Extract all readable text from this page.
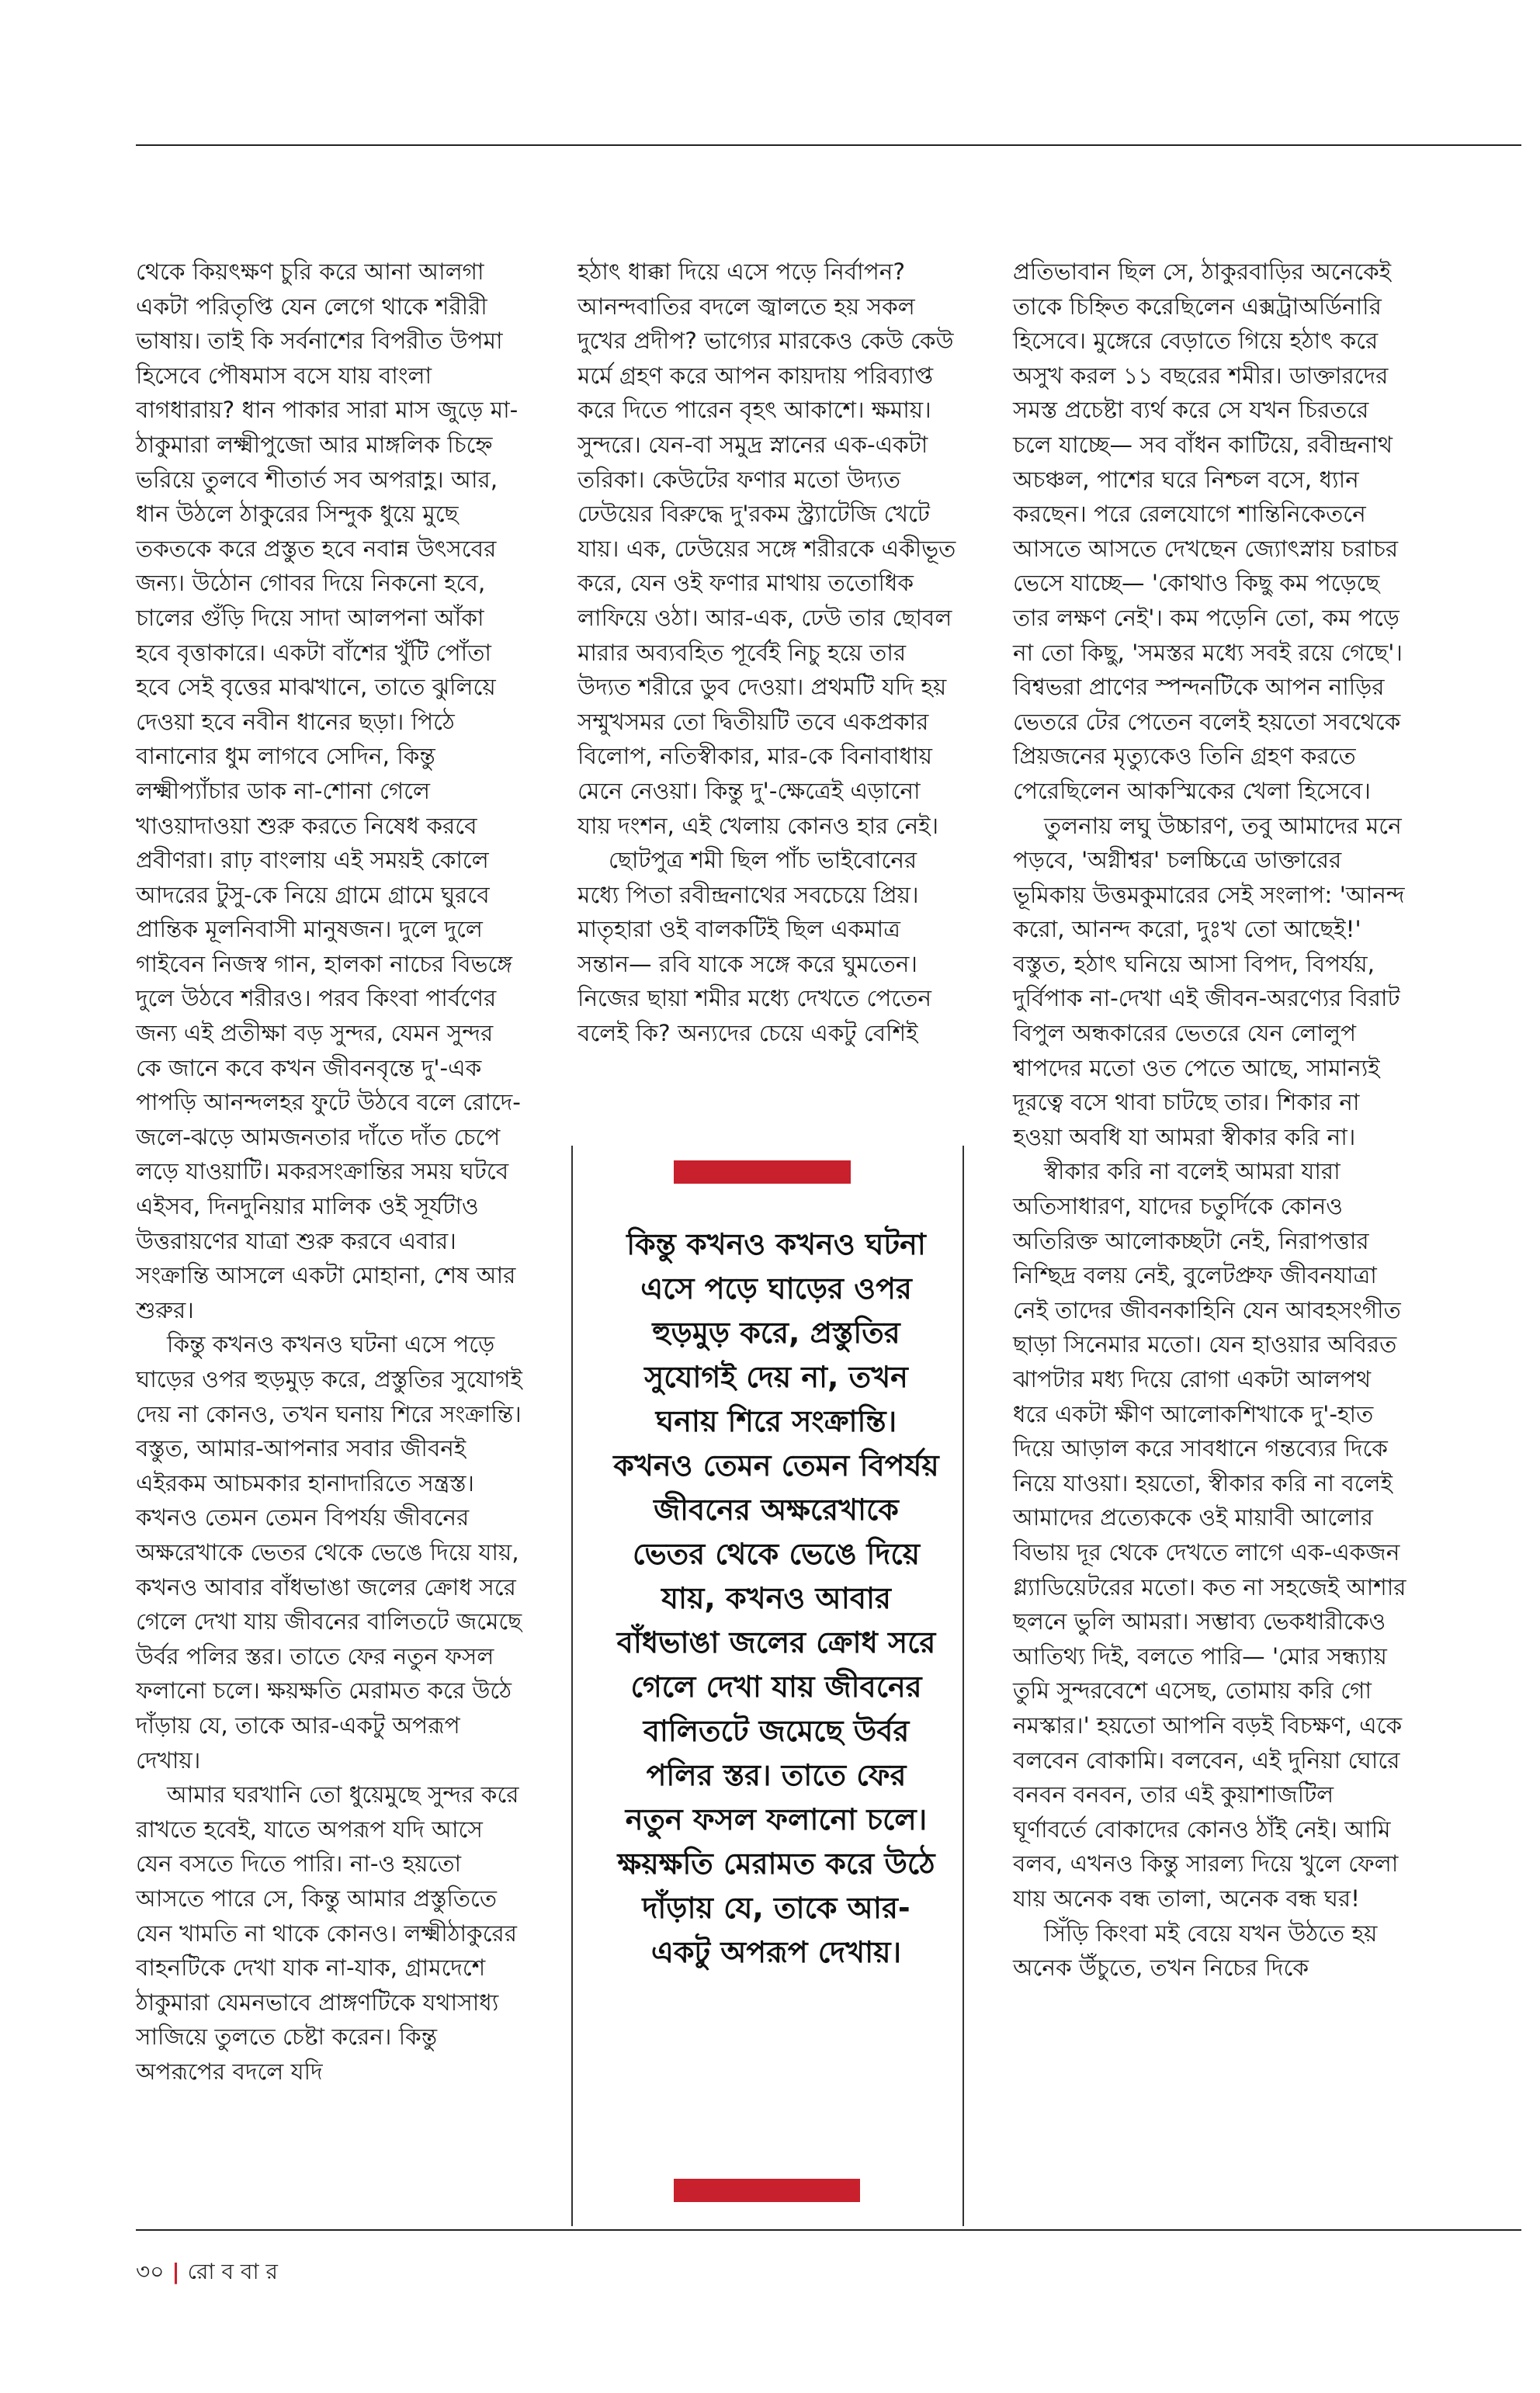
থেকে কিয়ৎক্ষণ চুরি করে আনা আলগা একটা পরিতৃপ্তি যেন লেগে থাকে শরীরী ভাষায়। তাই কি সর্বনাশের বিপরীত উপমা হিসেবে পৌষমাস বসে যায় বাংলা বাগধারায়? ধান পাকার সারা মাস জুড়ে মা-ঠাকুমারা লক্ষ্মীপুজো আর মাঙ্গলিক চিহ্নে ভরিয়ে তুলবে শীতার্ত সব অপরাহ্ণ। আর, ধান উঠলে ঠাকুরের সিন্দুক ধুয়ে মুছে তকতকে করে প্রস্তুত হবে নবান্ন উৎসবের জন্য। উঠোন গোবর দিয়ে নিকনো হবে, চালের গুঁড়ি দিয়ে সাদা আলপনা আঁকা হবে বৃত্তাকারে। একটা বাঁশের খুঁটি পোঁতা হবে সেই বৃত্তের মাঝখানে, তাতে ঝুলিয়ে দেওয়া হবে নবীন ধানের ছড়া। পিঠে বানানোর ধুম লাগবে সেদিন, কিন্তু লক্ষ্মীপ্যাঁচার ডাক না-শোনা গেলে খাওয়াদাওয়া শুরু করতে নিষেধ করবে প্রবীণরা। রাঢ় বাংলায় এই সময়ই কোলে আদরের টুসু-কে নিয়ে গ্রামে গ্রামে ঘুরবে প্রান্তিক মূলনিবাসী মানুষজন। দুলে দুলে গাইবেন নিজস্ব গান, হালকা নাচের বিভঙ্গে দুলে উঠবে শরীরও। পরব কিংবা পার্বণের জন্য এই প্রতীক্ষা বড় সুন্দর, যেমন সুন্দর কে জানে কবে কখন জীবনবৃন্তে দু'-এক পাপড়ি আনন্দলহর ফুটে উঠবে বলে রোদে-জলে-ঝড়ে আমজনতার দাঁতে দাঁত চেপে লড়ে যাওয়াটি। মকরসংক্রান্তির সময় ঘটবে এইসব, দিনদুনিয়ার মালিক ওই সূর্যটাও উত্তরায়ণের যাত্রা শুরু করবে এবার। সংক্রান্তি আসলে একটা মোহানা, শেষ আর শুরুর।

কিন্তু কখনও কখনও ঘটনা এসে পড়ে ঘাড়ের ওপর হুড়মুড় করে, প্রস্তুতির সুযোগই দেয় না কোনও, তখন ঘনায় শিরে সংক্রান্তি। বস্তুত, আমার-আপনার সবার জীবনই এইরকম আচমকার হানাদারিতে সন্ত্রস্ত। কখনও তেমন তেমন বিপর্যয় জীবনের অক্ষরেখাকে ভেতর থেকে ভেঙে দিয়ে যায়, কখনও আবার বাঁধভাঙা জলের ক্রোধ সরে গেলে দেখা যায় জীবনের বালিতটে জমেছে উর্বর পলির স্তর। তাতে ফের নতুন ফসল ফলানো চলে। ক্ষয়ক্ষতি মেরামত করে উঠে দাঁড়ায় যে, তাকে আর-একটু অপরূপ দেখায়।

আমার ঘরখানি তো ধুয়েমুছে সুন্দর করে রাখতে হবেই, যাতে অপরূপ যদি আসে যেন বসতে দিতে পারি। না-ও হয়তো আসতে পারে সে, কিন্তু আমার প্রস্তুতিতে যেন খামতি না থাকে কোনও। লক্ষ্মীঠাকুরের বাহনটিকে দেখা যাক না-যাক, গ্রামদেশে ঠাকুমারা যেমনভাবে প্রাঙ্গণটিকে যথাসাধ্য সাজিয়ে তুলতে চেষ্টা করেন। কিন্তু অপরূপের বদলে যদি

হঠাৎ ধাক্কা দিয়ে এসে পড়ে নির্বাপন? আনন্দবাতির বদলে জ্বালতে হয় সকল দুখের প্রদীপ? ভাগ্যের মারকেও কেউ কেউ মর্মে গ্রহণ করে আপন কায়দায় পরিব্যাপ্ত করে দিতে পারেন বৃহৎ আকাশে। ক্ষমায়। সুন্দরে। যেন-বা সমুদ্র স্নানের এক-একটা তরিকা। কেউটের ফণার মতো উদ্যত ঢেউয়ের বিরুদ্ধে দু'রকম স্ট্র্যাটেজি খেটে যায়। এক, ঢেউয়ের সঙ্গে শরীরকে একীভূত করে, যেন ওই ফণার মাথায় ততোধিক লাফিয়ে ওঠা। আর-এক, ঢেউ তার ছোবল মারার অব্যবহিত পূর্বেই নিচু হয়ে তার উদ্যত শরীরে ডুব দেওয়া। প্রথমটি যদি হয় সম্মুখসমর তো দ্বিতীয়টি তবে একপ্রকার বিলোপ, নতিস্বীকার, মার-কে বিনাবাধায় মেনে নেওয়া। কিন্তু দু'-ক্ষেত্রেই এড়ানো যায় দংশন, এই খেলায় কোনও হার নেই।

ছোটপুত্র শমী ছিল পাঁচ ভাইবোনের মধ্যে পিতা রবীন্দ্রনাথের সবচেয়ে প্রিয়। মাতৃহারা ওই বালকটিই ছিল একমাত্র সন্তান— রবি যাকে সঙ্গে করে ঘুমতেন। নিজের ছায়া শমীর মধ্যে দেখতে পেতেন বলেই কি? অন্যদের চেয়ে একটু বেশিই

কিন্তু কখনও কখনও ঘটনা এসে পড়ে ঘাড়ের ওপর হুড়মুড় করে, প্রস্তুতির সুযোগই দেয় না, তখন ঘনায় শিরে সংক্রান্তি। কখনও তেমন তেমন বিপর্যয় জীবনের অক্ষরেখাকে ভেতর থেকে ভেঙে দিয়ে যায়, কখনও আবার বাঁধভাঙা জলের ক্রোধ সরে গেলে দেখা যায় জীবনের বালিতটে জমেছে উর্বর পলির স্তর। তাতে ফের নতুন ফসল ফলানো চলে। ক্ষয়ক্ষতি মেরামত করে উঠে দাঁড়ায় যে, তাকে আর-একটু অপরূপ দেখায়।

প্রতিভাবান ছিল সে, ঠাকুরবাড়ির অনেকেই তাকে চিহ্নিত করেছিলেন এক্সট্রাঅর্ডিনারি হিসেবে। মুঙ্গেরে বেড়াতে গিয়ে হঠাৎ করে অসুখ করল ১১ বছরের শমীর। ডাক্তারদের সমস্ত প্রচেষ্টা ব্যর্থ করে সে যখন চিরতরে চলে যাচ্ছে— সব বাঁধন কাটিয়ে, রবীন্দ্রনাথ অচঞ্চল, পাশের ঘরে নিশ্চল বসে, ধ্যান করছেন। পরে রেলযোগে শান্তিনিকেতনে আসতে আসতে দেখছেন জ্যোৎস্নায় চরাচর ভেসে যাচ্ছে— 'কোথাও কিছু কম পড়েছে তার লক্ষণ নেই'। কম পড়েনি তো, কম পড়ে না তো কিছু, 'সমস্তর মধ্যে সবই রয়ে গেছে'। বিশ্বভরা প্রাণের স্পন্দনটিকে আপন নাড়ির ভেতরে টের পেতেন বলেই হয়তো সবথেকে প্রিয়জনের মৃত্যুকেও তিনি গ্রহণ করতে পেরেছিলেন আকস্মিকের খেলা হিসেবে।

তুলনায় লঘু উচ্চারণ, তবু আমাদের মনে পড়বে, 'অগ্নীশ্বর' চলচ্চিত্রে ডাক্তারের ভূমিকায় উত্তমকুমারের সেই সংলাপ: 'আনন্দ করো, আনন্দ করো, দুঃখ তো আছেই!' বস্তুত, হঠাৎ ঘনিয়ে আসা বিপদ, বিপর্যয়, দুর্বিপাক না-দেখা এই জীবন-অরণ্যের বিরাট বিপুল অন্ধকারের ভেতরে যেন লোলুপ শ্বাপদের মতো ওত পেতে আছে, সামান্যই দূরত্বে বসে থাবা চাটছে তার। শিকার না হওয়া অবধি যা আমরা স্বীকার করি না।

স্বীকার করি না বলেই আমরা যারা অতিসাধারণ, যাদের চতুর্দিকে কোনও অতিরিক্ত আলোকচ্ছটা নেই, নিরাপত্তার নিশ্ছিদ্র বলয় নেই, বুলেটপ্রুফ জীবনযাত্রা নেই তাদের জীবনকাহিনি যেন আবহসংগীত ছাড়া সিনেমার মতো। যেন হাওয়ার অবিরত ঝাপটার মধ্য দিয়ে রোগা একটা আলপথ ধরে একটা ক্ষীণ আলোকশিখাকে দু'-হাত দিয়ে আড়াল করে সাবধানে গন্তব্যের দিকে নিয়ে যাওয়া। হয়তো, স্বীকার করি না বলেই আমাদের প্রত্যেককে ওই মায়াবী আলোর বিভায় দূর থেকে দেখতে লাগে এক-একজন গ্ল্যাডিয়েটরের মতো। কত না সহজেই আশার ছলনে ভুলি আমরা। সম্ভাব্য ভেকধারীকেও আতিথ্য দিই, বলতে পারি— 'মোর সন্ধ্যায় তুমি সুন্দরবেশে এসেছ, তোমায় করি গো নমস্কার।' হয়তো আপনি বড়ই বিচক্ষণ, একে বলবেন বোকামি। বলবেন, এই দুনিয়া ঘোরে বনবন বনবন, তার এই কুয়াশাজটিল ঘূর্ণাবর্তে বোকাদের কোনও ঠাঁই নেই। আমি বলব, এখনও কিন্তু সারল্য দিয়ে খুলে ফেলা যায় অনেক বন্ধ তালা, অনেক বন্ধ ঘর!

সিঁড়ি কিংবা মই বেয়ে যখন উঠতে হয় অনেক উঁচুতে, তখন নিচের দিকে

৩০ | রো ব বা র
